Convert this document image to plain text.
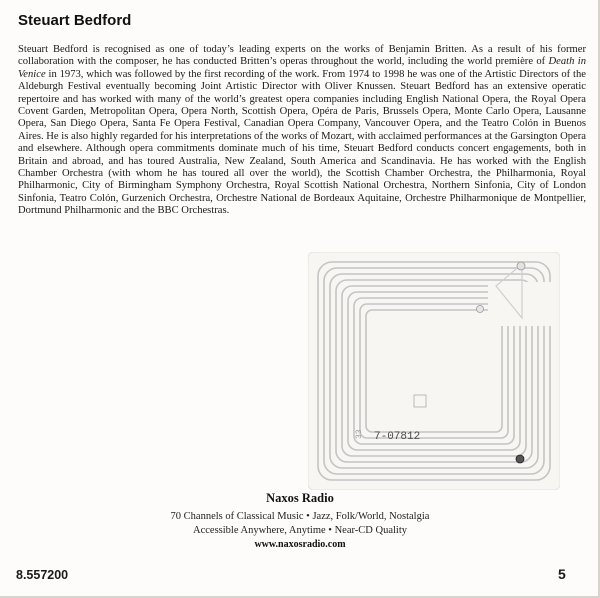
Steuart Bedford

Steuart Bedford is recognised as one of today’s leading experts on the works of Benjamin Britten. As a result of his former collaboration with the composer, he has conducted Britten’s operas throughout the world, including the world première of Death in Venice in 1973, which was followed by the first recording of the work. From 1974 to 1998 he was one of the Artistic Directors of the Aldeburgh Festival eventually becoming Joint Artistic Director with Oliver Knussen. Steuart Bedford has an extensive operatic repertoire and has worked with many of the world’s greatest opera companies including English National Opera, the Royal Opera Covent Garden, Metropolitan Opera, Opera North, Scottish Opera, Opéra de Paris, Brussels Opera, Monte Carlo Opera, Lausanne Opera, San Diego Opera, Santa Fe Opera Festival, Canadian Opera Company, Vancouver Opera, and the Teatro Colón in Buenos Aires. He is also highly regarded for his interpretations of the works of Mozart, with acclaimed performances at the Garsington Opera and elsewhere. Although opera commitments dominate much of his time, Steuart Bedford conducts concert engagements, both in Britain and abroad, and has toured Australia, New Zealand, South America and Scandinavia. He has worked with the English Chamber Orchestra (with whom he has toured all over the world), the Scottish Chamber Orchestra, the Philharmonia, Royal Philharmonic, City of Birmingham Symphony Orchestra, Royal Scottish National Orchestra, Northern Sinfonia, City of London Sinfonia, Teatro Colón, Gurzenich Orchestra, Orchestre National de Bordeaux Aquitaine, Orchestre Philharmonique de Montpellier, Dortmund Philharmonic and the BBC Orchestras.

33 7-07812

Naxos Radio

70 Channels of Classical Music • Jazz, Folk/World, Nostalgia

Accessible Anywhere, Anytime • Near-CD Quality

www.naxosradio.com

8.557200	5
